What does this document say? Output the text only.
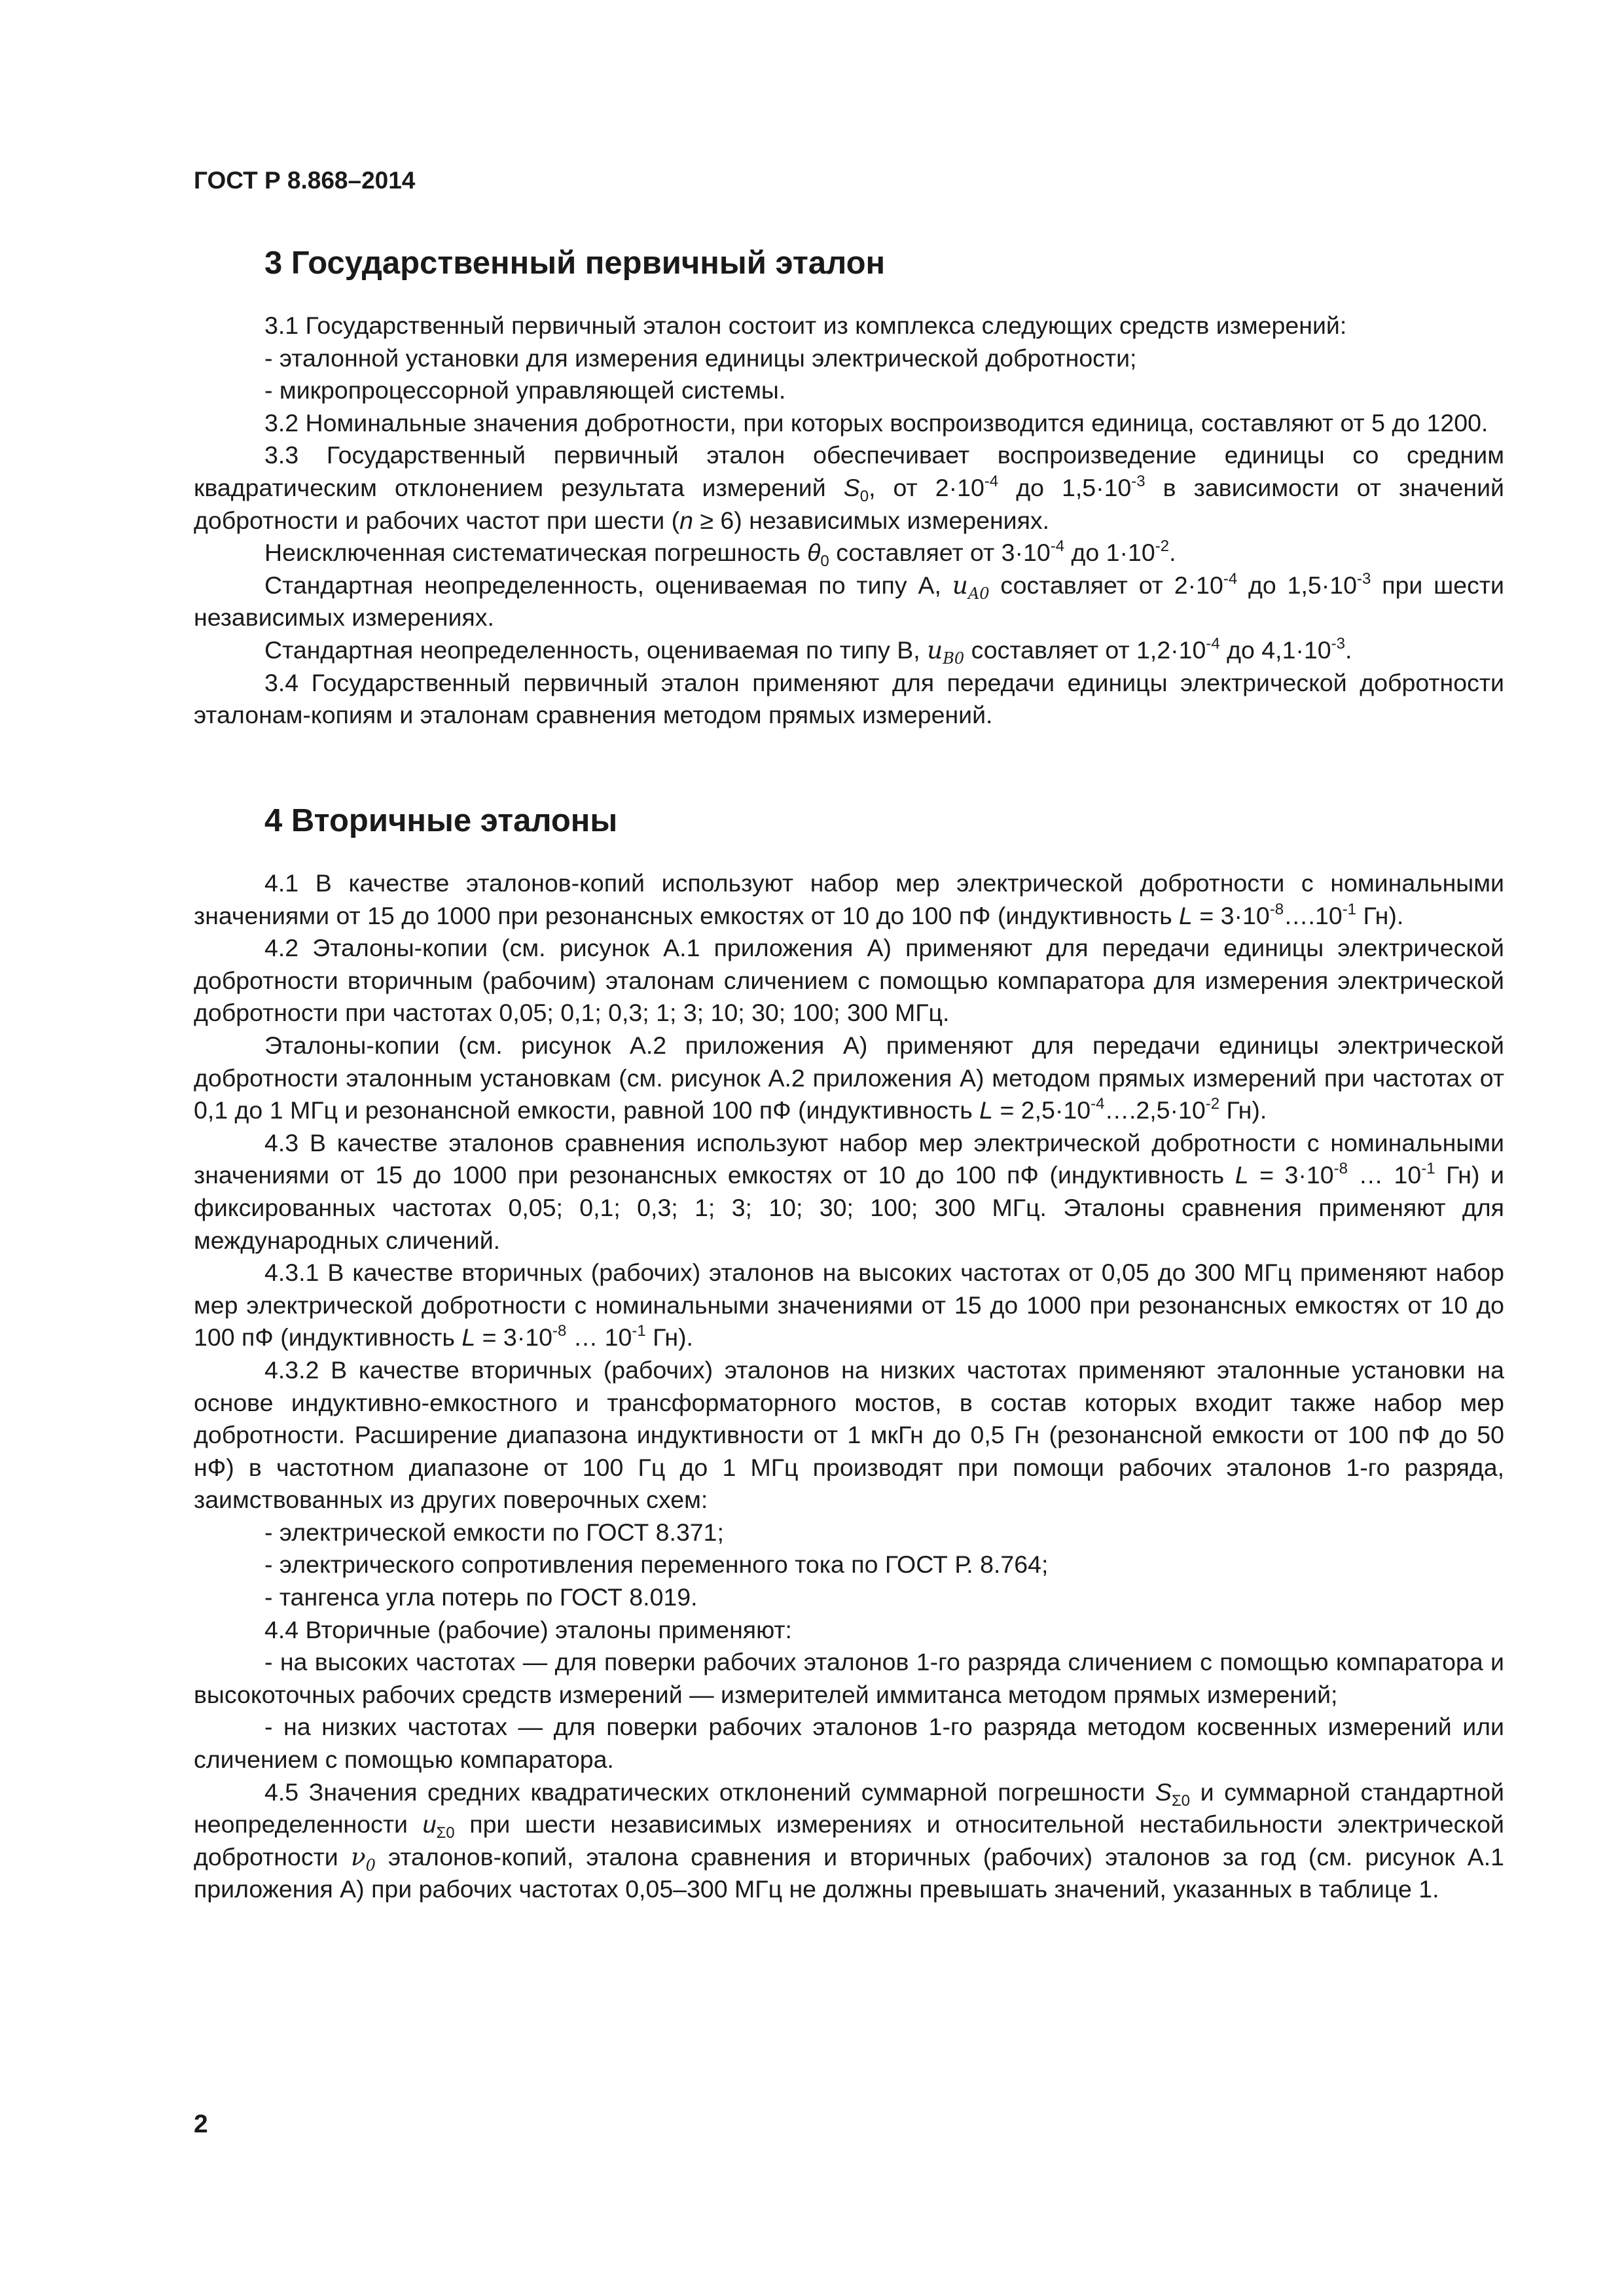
ГОСТ Р 8.868–2014
3 Государственный первичный эталон

3.1 Государственный первичный эталон состоит из комплекса следующих средств измерений:

- эталонной установки для измерения единицы электрической добротности;

- микропроцессорной управляющей системы.

3.2 Номинальные значения добротности, при которых воспроизводится единица, составляют от 5 до 1200.

3.3 Государственный первичный эталон обеспечивает воспроизведение единицы со средним квадратическим отклонением результата измерений $S_0$, от $2\cdot 10^{-4}$ до $1,5\cdot 10^{-3}$ в зависимости от значений добротности и рабочих частот при шести (n ≥ 6) независимых измерениях.

Неисключенная систематическая погрешность $\theta_0$ составляет от $3\cdot 10^{-4}$ до $1\cdot 10^{-2}$.

Стандартная неопределенность, оцениваемая по типу А, $u_{A0}$ составляет от $2\cdot 10^{-4}$ до $1,5\cdot 10^{-3}$ при шести независимых измерениях.

Стандартная неопределенность, оцениваемая по типу В, $u_{B0}$ составляет от $1,2\cdot 10^{-4}$ до $4,1\cdot 10^{-3}$.

3.4 Государственный первичный эталон применяют для передачи единицы электрической добротности эталонам-копиям и эталонам сравнения методом прямых измерений.

4 Вторичные эталоны

4.1 В качестве эталонов-копий используют набор мер электрической добротности с номинальными значениями от 15 до 1000 при резонансных емкостях от 10 до 100 пФ (индуктивность $L = 3\cdot 10^{-8}\dots.10^{-1}$ Гн).

4.2 Эталоны-копии (см. рисунок А.1 приложения А) применяют для передачи единицы электрической добротности вторичным (рабочим) эталонам сличением с помощью компаратора для измерения электрической добротности при частотах 0,05; 0,1; 0,3; 1; 3; 10; 30; 100; 300 МГц.

Эталоны-копии (см. рисунок А.2 приложения А) применяют для передачи единицы электрической добротности эталонным установкам (см. рисунок А.2 приложения А) методом прямых измерений при частотах от 0,1 до 1 МГц и резонансной емкости, равной 100 пФ (индуктивность $L = 2,5\cdot 10^{-4}\dots.2,5\cdot 10^{-2}$ Гн).

4.3 В качестве эталонов сравнения используют набор мер электрической добротности с номинальными значениями от 15 до 1000 при резонансных емкостях от 10 до 100 пФ (индуктивность $L = 3\cdot 10^{-8}$ … $10^{-1}$ Гн) и фиксированных частотах 0,05; 0,1; 0,3; 1; 3; 10; 30; 100; 300 МГц. Эталоны сравнения применяют для международных сличений.

4.3.1 В качестве вторичных (рабочих) эталонов на высоких частотах от 0,05 до 300 МГц применяют набор мер электрической добротности с номинальными значениями от 15 до 1000 при резонансных емкостях от 10 до 100 пФ (индуктивность $L = 3\cdot 10^{-8}$ … $10^{-1}$ Гн).

4.3.2 В качестве вторичных (рабочих) эталонов на низких частотах применяют эталонные установки на основе индуктивно-емкостного и трансформаторного мостов, в состав которых входит также набор мер добротности. Расширение диапазона индуктивности от 1 мкГн до 0,5 Гн (резонансной емкости от 100 пФ до 50 нФ) в частотном диапазоне от 100 Гц до 1 МГц производят при помощи рабочих эталонов 1-го разряда, заимствованных из других поверочных схем:

- электрической емкости по ГОСТ 8.371;

- электрического сопротивления переменного тока по ГОСТ Р. 8.764;

- тангенса угла потерь по ГОСТ 8.019.

4.4 Вторичные (рабочие) эталоны применяют:

- на высоких частотах — для поверки рабочих эталонов 1-го разряда сличением с помощью компаратора и высокоточных рабочих средств измерений — измерителей иммитанса методом прямых измерений;

- на низких частотах — для поверки рабочих эталонов 1-го разряда методом косвенных измерений или сличением с помощью компаратора.

4.5 Значения средних квадратических отклонений суммарной погрешности $S_{\Sigma 0}$ и суммарной стандартной неопределенности $u_{\Sigma 0}$ при шести независимых измерениях и относительной нестабильности электрической добротности $\nu_0$ эталонов-копий, эталона сравнения и вторичных (рабочих) эталонов за год (см. рисунок А.1 приложения А) при рабочих частотах 0,05–300 МГц не должны превышать значений, указанных в таблице 1.

2
